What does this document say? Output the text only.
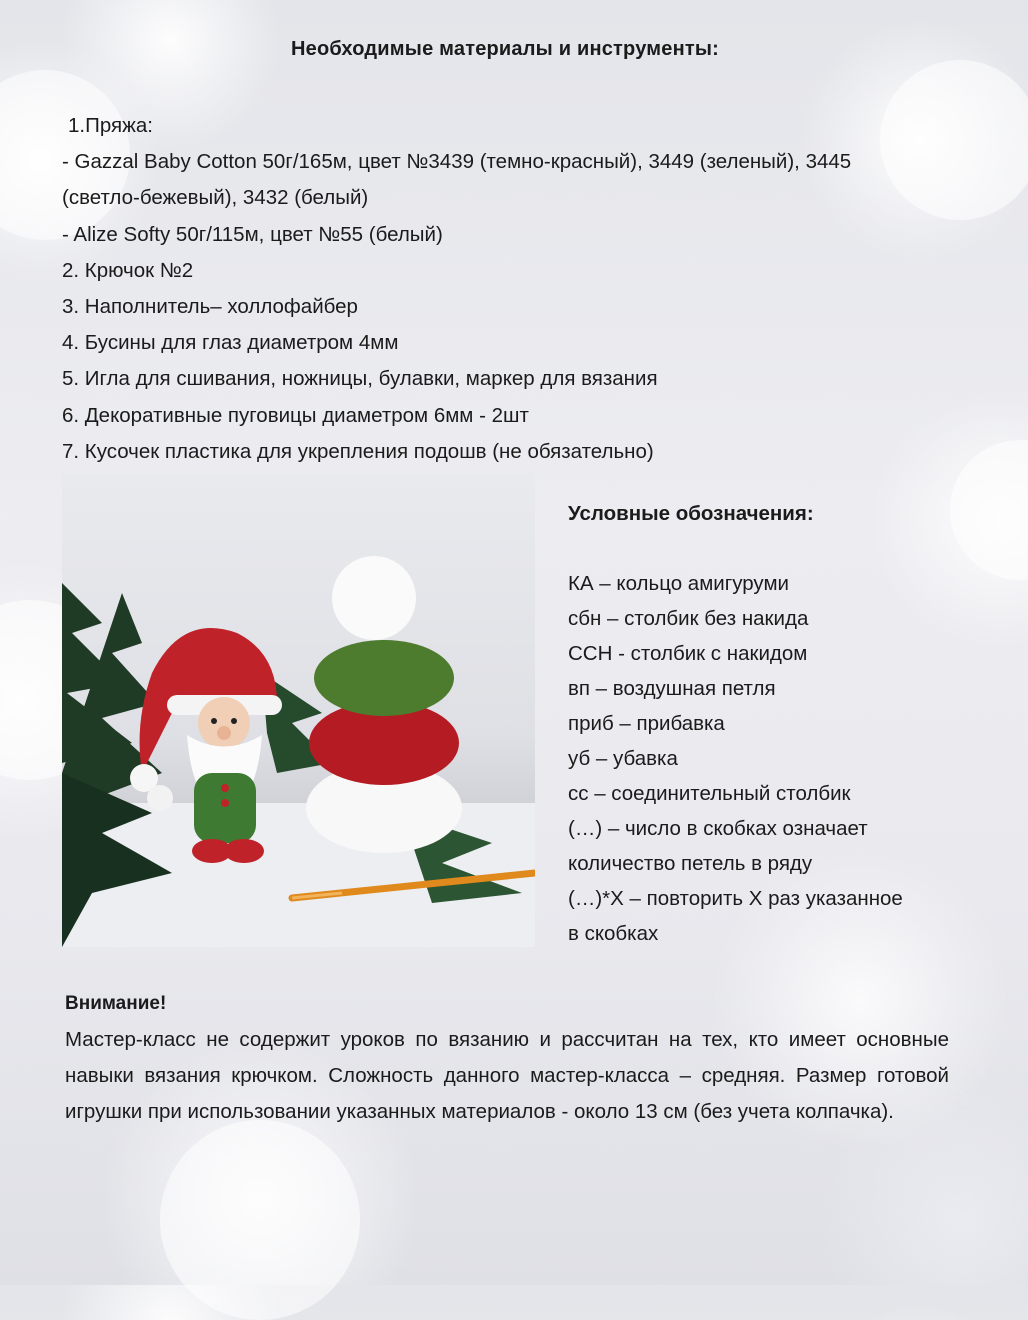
Необходимые материалы и инструменты:
1.Пряжа:
- Gazzal Baby Cotton 50г/165м, цвет №3439 (темно-красный), 3449 (зеленый), 3445
(светло-бежевый), 3432 (белый)
- Alize Softy 50г/115м, цвет №55 (белый)
2. Крючок №2
3. Наполнитель– холлофайбер
4. Бусины для глаз диаметром 4мм
5. Игла для сшивания, ножницы, булавки, маркер для вязания
6. Декоративные пуговицы диаметром 6мм - 2шт
7. Кусочек пластика для укрепления подошв (не обязательно)
Условные обозначения:
КА – кольцо амигуруми
сбн – столбик без накида
ССН - столбик с накидом
вп – воздушная петля
приб – прибавка
уб – убавка
сс – соединительный столбик
(…) – число в скобках означает
количество петель в ряду
(…)*Х – повторить Х раз указанное
в скобках
Внимание!
Мастер-класс не содержит уроков по вязанию и рассчитан на тех, кто имеет основные навыки вязания крючком. Сложность данного мастер-класса – средняя. Размер готовой игрушки при использовании указанных материалов - около 13 см (без учета колпачка).
